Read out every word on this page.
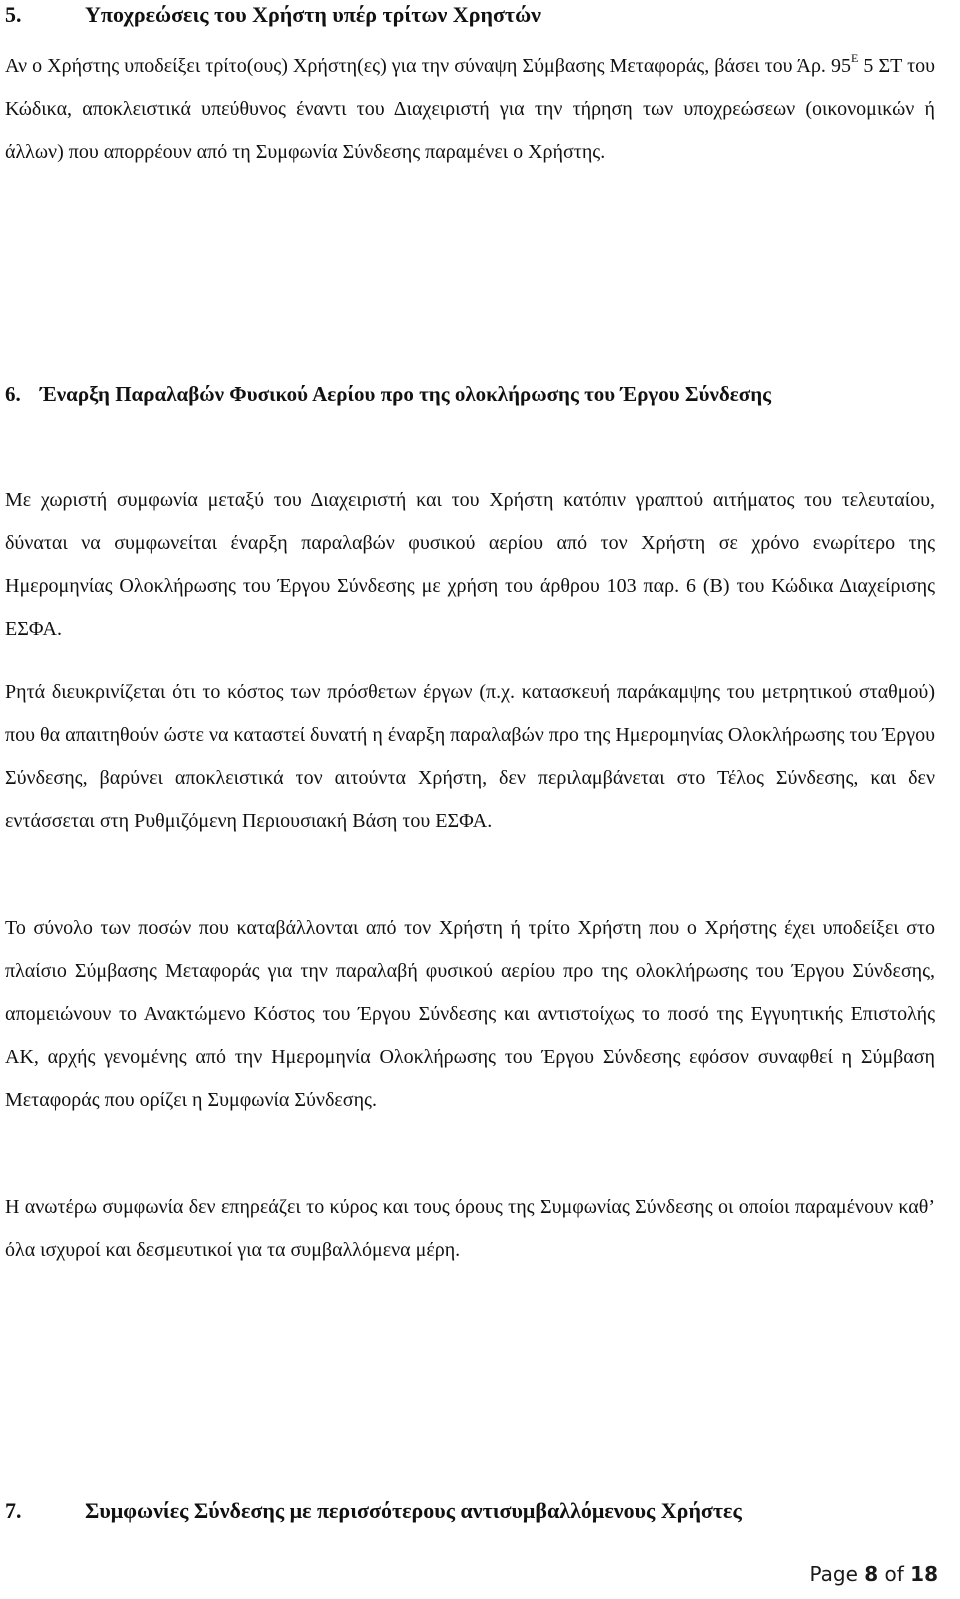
5.	Υποχρεώσεις του Χρήστη υπέρ τρίτων Χρηστών
Αν ο Χρήστης υποδείξει τρίτο(ους) Χρήστη(ες) για την σύναψη Σύμβασης Μεταφοράς, βάσει του Άρ. $95^E$ 5 ΣΤ του Κώδικα, αποκλειστικά υπεύθυνος έναντι του Διαχειριστή για την τήρηση των υποχρεώσεων (οικονομικών ή άλλων) που απορρέουν από τη Συμφωνία Σύνδεσης παραμένει ο Χρήστης.
6. Έναρξη Παραλαβών Φυσικού Αερίου προ της ολοκλήρωσης του Έργου Σύνδεσης
Με χωριστή συμφωνία μεταξύ του Διαχειριστή και του Χρήστη κατόπιν γραπτού αιτήματος του τελευταίου, δύναται να συμφωνείται έναρξη παραλαβών φυσικού αερίου από τον Χρήστη σε χρόνο ενωρίτερο της Ημερομηνίας Ολοκλήρωσης του Έργου Σύνδεσης με χρήση του άρθρου 103 παρ. 6 (Β) του Κώδικα Διαχείρισης ΕΣΦΑ.
Ρητά διευκρινίζεται ότι το κόστος των πρόσθετων έργων (π.χ. κατασκευή παράκαμψης του μετρητικού σταθμού) που θα απαιτηθούν ώστε να καταστεί δυνατή η έναρξη παραλαβών προ της Ημερομηνίας Ολοκλήρωσης του Έργου Σύνδεσης, βαρύνει αποκλειστικά τον αιτούντα Χρήστη, δεν περιλαμβάνεται στο Τέλος Σύνδεσης, και δεν εντάσσεται στη Ρυθμιζόμενη Περιουσιακή Βάση του ΕΣΦΑ.
Το σύνολο των ποσών που καταβάλλονται από τον Χρήστη ή τρίτο Χρήστη που ο Χρήστης έχει υποδείξει στο πλαίσιο Σύμβασης Μεταφοράς για την παραλαβή φυσικού αερίου προ της ολοκλήρωσης του Έργου Σύνδεσης, απομειώνουν το Ανακτώμενο Κόστος του Έργου Σύνδεσης και αντιστοίχως το ποσό της Εγγυητικής Επιστολής ΑΚ, αρχής γενομένης από την Ημερομηνία Ολοκλήρωσης του Έργου Σύνδεσης εφόσον συναφθεί η Σύμβαση Μεταφοράς που ορίζει η Συμφωνία Σύνδεσης.
Η ανωτέρω συμφωνία δεν επηρεάζει το κύρος και τους όρους της Συμφωνίας Σύνδεσης οι οποίοι παραμένουν καθ’ όλα ισχυροί και δεσμευτικοί για τα συμβαλλόμενα μέρη.
7.	Συμφωνίες Σύνδεσης με περισσότερους αντισυμβαλλόμενους Χρήστες
Page 8 of 18
